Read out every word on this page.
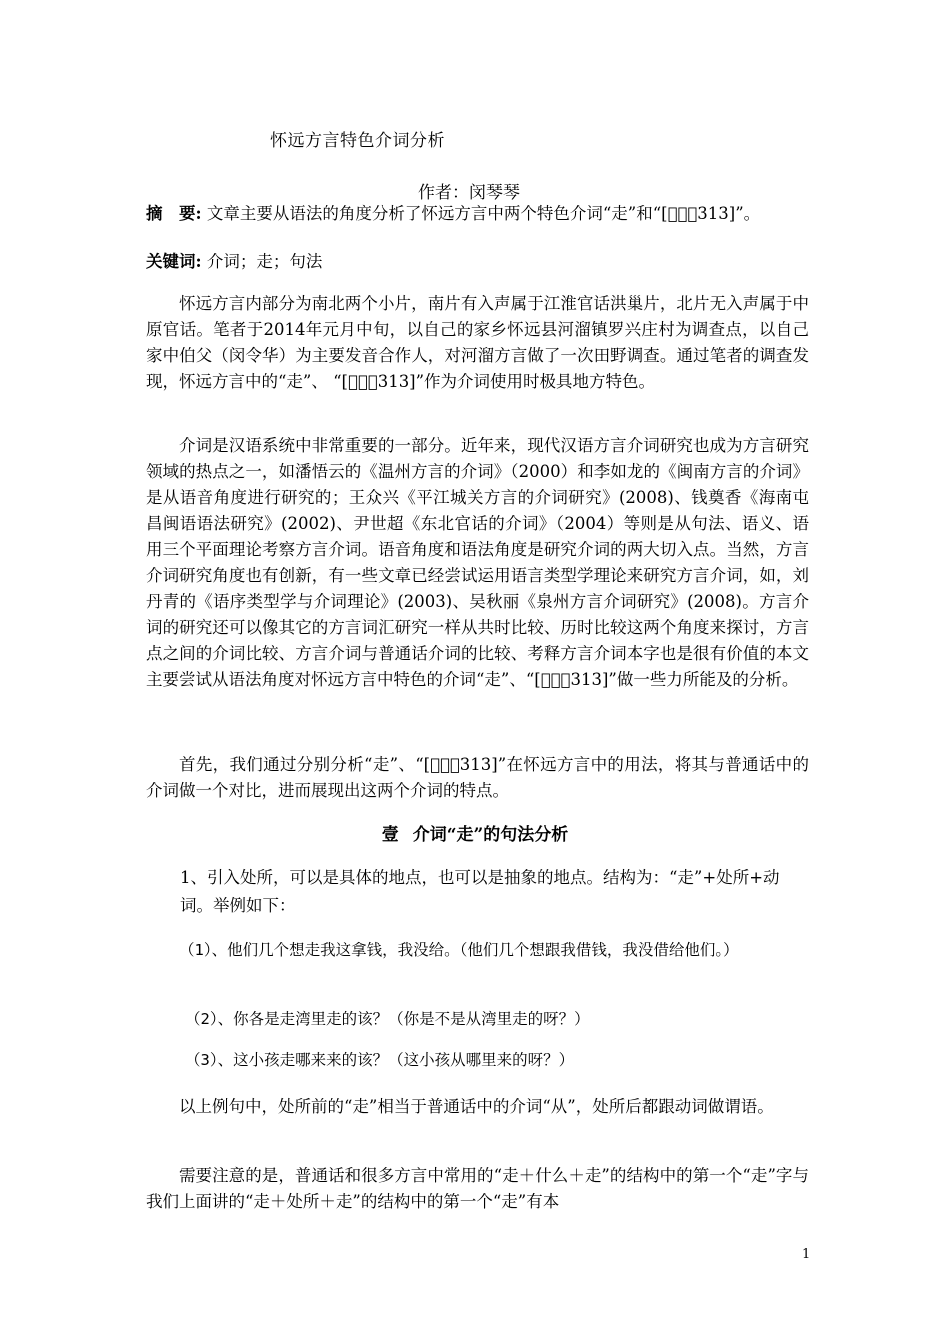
怀远方言特色介词分析
作者：闵琴琴
摘　要: 文章主要从语法的角度分析了怀远方言中两个特色介词“走”和“[   313]”。
关键词: 介词；走；句法

怀远方言内部分为南北两个小片，南片有入声属于江淮官话洪巢片，北片无入声属于中原官话。笔者于2014年元月中旬，以自己的家乡怀远县河溜镇罗兴庄村为调查点，以自己家中伯父（闵令华）为主要发音合作人，对河溜方言做了一次田野调查。通过笔者的调查发现，怀远方言中的“走”、 “[   313]”作为介词使用时极具地方特色。

介词是汉语系统中非常重要的一部分。近年来，现代汉语方言介词研究也成为方言研究领域的热点之一，如潘悟云的《温州方言的介词》（2000）和李如龙的《闽南方言的介词》是从语音角度进行研究的；王众兴《平江城关方言的介词研究》(2008)、钱奠香《海南屯昌闽语语法研究》(2002)、尹世超《东北官话的介词》（2004）等则是从句法、语义、语用三个平面理论考察方言介词。语音角度和语法角度是研究介词的两大切入点。当然，方言介词研究角度也有创新，有一些文章已经尝试运用语言类型学理论来研究方言介词，如，刘丹青的《语序类型学与介词理论》(2003)、吴秋丽《泉州方言介词研究》(2008)。方言介词的研究还可以像其它的方言词汇研究一样从共时比较、历时比较这两个角度来探讨，方言点之间的介词比较、方言介词与普通话介词的比较、考释方言介词本字也是很有价值的本文主要尝试从语法角度对怀远方言中特色的介词“走”、“[   313]”做一些力所能及的分析。

首先，我们通过分别分析“走”、“[   313]”在怀远方言中的用法，将其与普通话中的介词做一个对比，进而展现出这两个介词的特点。

壹 介词“走”的句法分析

1、引入处所，可以是具体的地点，也可以是抽象的地点。结构为：“走”+处所+动词。举例如下：

（1）、他们几个想走我这拿钱，我没给。（他们几个想跟我借钱，我没借给他们。）
（2）、你各是走湾里走的该？（你是不是从湾里走的呀？）
（3）、这小孩走哪来来的该？（这小孩从哪里来的呀？）

以上例句中，处所前的“走”相当于普通话中的介词“从”，处所后都跟动词做谓语。

需要注意的是，普通话和很多方言中常用的“走＋什么＋走”的结构中的第一个“走”字与我们上面讲的“走＋处所＋走”的结构中的第一个“走”有本

1
